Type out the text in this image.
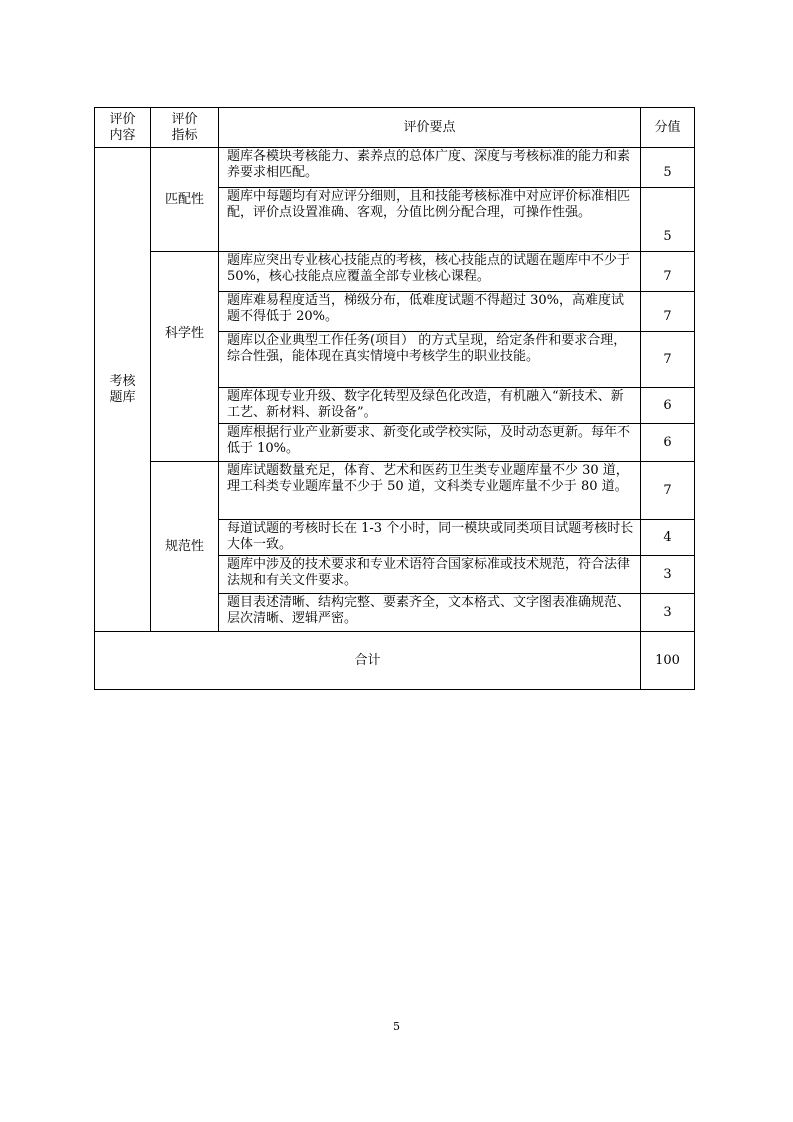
评价
内容	评价
指标	评价要点	分值

考核
题库	匹配性	题库各模块考核能力、素养点的总体广度、深度与考核标准的能力和素养要求相匹配。	5
		题库中每题均有对应评分细则，且和技能考核标准中对应评价标准相匹配，评价点设置准确、客观，分值比例分配合理，可操作性强。	5
	科学性	题库应突出专业核心技能点的考核，核心技能点的试题在题库中不少于 50%，核心技能点应覆盖全部专业核心课程。	7
		题库难易程度适当，梯级分布，低难度试题不得超过 30%，高难度试题不得低于 20%。	7
		题库以企业典型工作任务(项目） 的方式呈现，给定条件和要求合理，综合性强，能体现在真实情境中考核学生的职业技能。	7
		题库体现专业升级、数字化转型及绿色化改造，有机融入“新技术、新工艺、新材料、新设备”。	6
		题库根据行业产业新要求、新变化或学校实际，及时动态更新。每年不低于 10%。	6
	规范性	题库试题数量充足，体育、艺术和医药卫生类专业题库量不少 30 道，理工科类专业题库量不少于 50 道，文科类专业题库量不少于 80 道。	7
		每道试题的考核时长在 1-3 个小时，同一模块或同类项目试题考核时长大体一致。	4
		题库中涉及的技术要求和专业术语符合国家标准或技术规范，符合法律法规和有关文件要求。	3
		题目表述清晰、结构完整、要素齐全，文本格式、文字图表准确规范、层次清晰、逻辑严密。	3
合计			100
5
